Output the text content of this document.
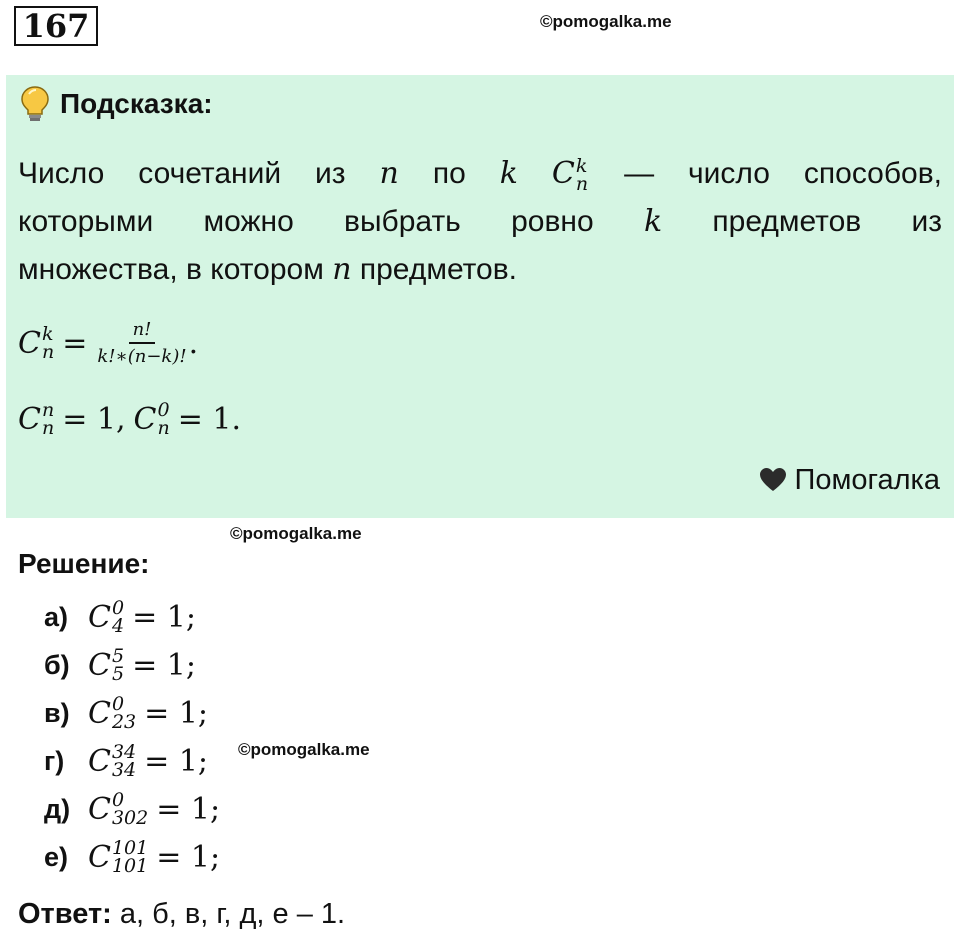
167	©pomogalka.me
Подсказка:
Число сочетаний из n по k C k
n — число способов,
которыми можно выбрать ровно k предметов из
множества, в котором n предметов.
C k
$n = \frac{n!}{k!∗(n-k)!}$ .
C n
n = 1, C 0
n = 1.
Помогалка
©pomogalka.me
Решение:
а) C 0
4 = 1;
б) C 5
5 = 1;
в) C 0
23 = 1;
г) C 34
34 = 1;
д) C 0
302 = 1;
е) C 101
101 = 1;
©pomogalka.me
Ответ: а, б, в, г, д, е – 1.
